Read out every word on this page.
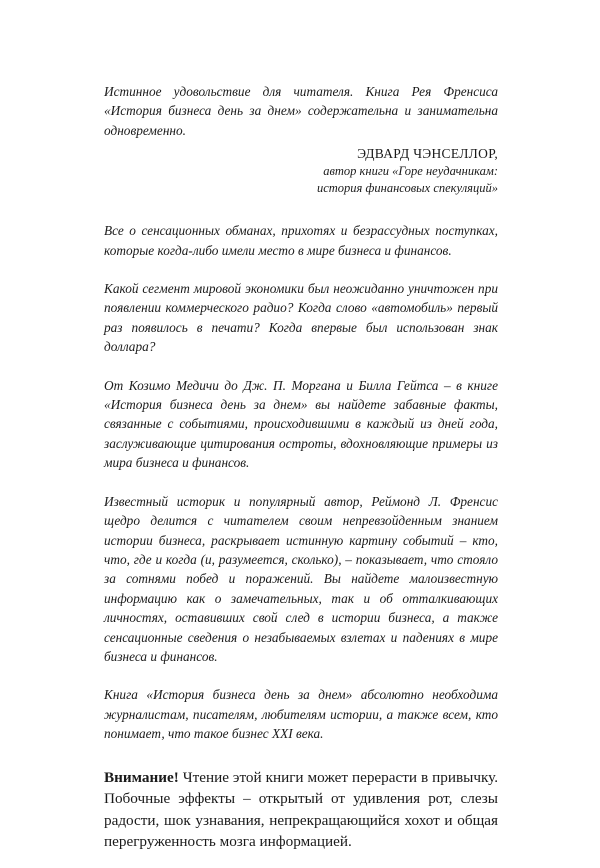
Истинное удовольствие для читателя. Книга Рея Френсиса «История бизнеса день за днем» содержательна и занимательна одновременно.

ЭДВАРД ЧЭНСЕЛЛОР,
автор книги «Горе неудачникам:
история финансовых спекуляций»

Все о сенсационных обманах, прихотях и безрассудных поступках, которые когда-либо имели место в мире бизнеса и финансов.

Какой сегмент мировой экономики был неожиданно уничтожен при появлении коммерческого радио? Когда слово «автомобиль» первый раз появилось в печати? Когда впервые был использован знак доллара?

От Козимо Медичи до Дж. П. Моргана и Билла Гейтса – в книге «История бизнеса день за днем» вы найдете забавные факты, связанные с событиями, происходившими в каждый из дней года, заслуживающие цитирования остроты, вдохновляющие примеры из мира бизнеса и финансов.

Известный историк и популярный автор, Реймонд Л. Френсис щедро делится с читателем своим непревзойденным знанием истории бизнеса, раскрывает истинную картину событий – кто, что, где и когда (и, разумеется, сколько), – показывает, что стояло за сотнями побед и поражений. Вы найдете малоизвестную информацию как о замечательных, так и об отталкивающих личностях, оставивших свой след в истории бизнеса, а также сенсационные сведения о незабываемых взлетах и падениях в мире бизнеса и финансов.

Книга «История бизнеса день за днем» абсолютно необходима журналистам, писателям, любителям истории, а также всем, кто понимает, что такое бизнес XXI века.

Внимание! Чтение этой книги может перерасти в привычку. Побочные эффекты – открытый от удивления рот, слезы радости, шок узнавания, непрекращающийся хохот и общая перегруженность мозга информацией.
